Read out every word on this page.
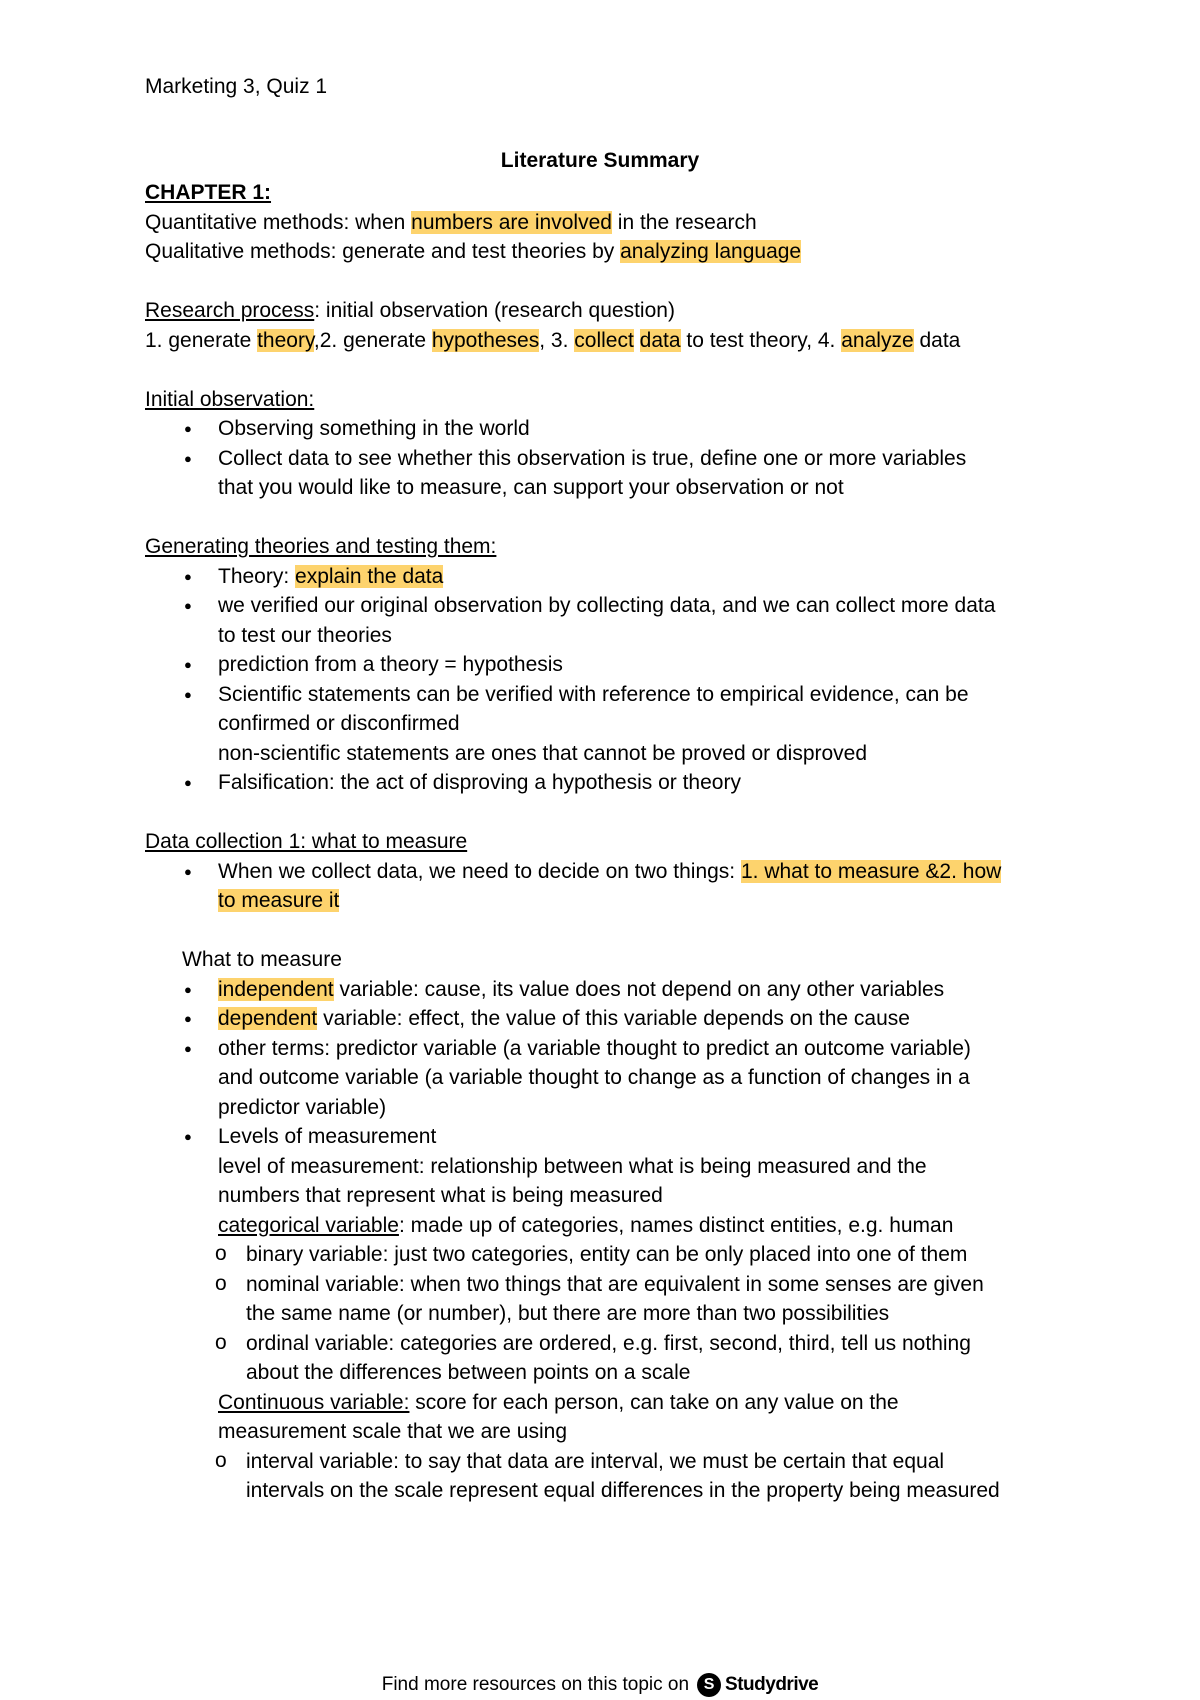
Marketing 3, Quiz 1
Literature Summary
CHAPTER 1:
Quantitative methods: when numbers are involved in the research
Qualitative methods: generate and test theories by analyzing language
Research process: initial observation (research question)
1. generate theory,2. generate hypotheses, 3. collect data to test theory, 4. analyze data
Initial observation:
● Observing something in the world
● Collect data to see whether this observation is true, define one or more variables
that you would like to measure, can support your observation or not
Generating theories and testing them:
● Theory: explain the data
● we verified our original observation by collecting data, and we can collect more data
to test our theories
● prediction from a theory = hypothesis
● Scientific statements can be verified with reference to empirical evidence, can be
confirmed or disconfirmed
non-scientific statements are ones that cannot be proved or disproved
● Falsification: the act of disproving a hypothesis or theory
Data collection 1: what to measure
● When we collect data, we need to decide on two things: 1. what to measure &2. how
to measure it
What to measure
● independent variable: cause, its value does not depend on any other variables
● dependent variable: effect, the value of this variable depends on the cause
● other terms: predictor variable (a variable thought to predict an outcome variable)
and outcome variable (a variable thought to change as a function of changes in a
predictor variable)
● Levels of measurement
level of measurement: relationship between what is being measured and the
numbers that represent what is being measured
categorical variable: made up of categories, names distinct entities, e.g. human
o binary variable: just two categories, entity can be only placed into one of them
o nominal variable: when two things that are equivalent in some senses are given
the same name (or number), but there are more than two possibilities
o ordinal variable: categories are ordered, e.g. first, second, third, tell us nothing
about the differences between points on a scale
Continuous variable: score for each person, can take on any value on the
measurement scale that we are using
o interval variable: to say that data are interval, we must be certain that equal
intervals on the scale represent equal differences in the property being measured
Find more resources on this topic on S Studydrive
